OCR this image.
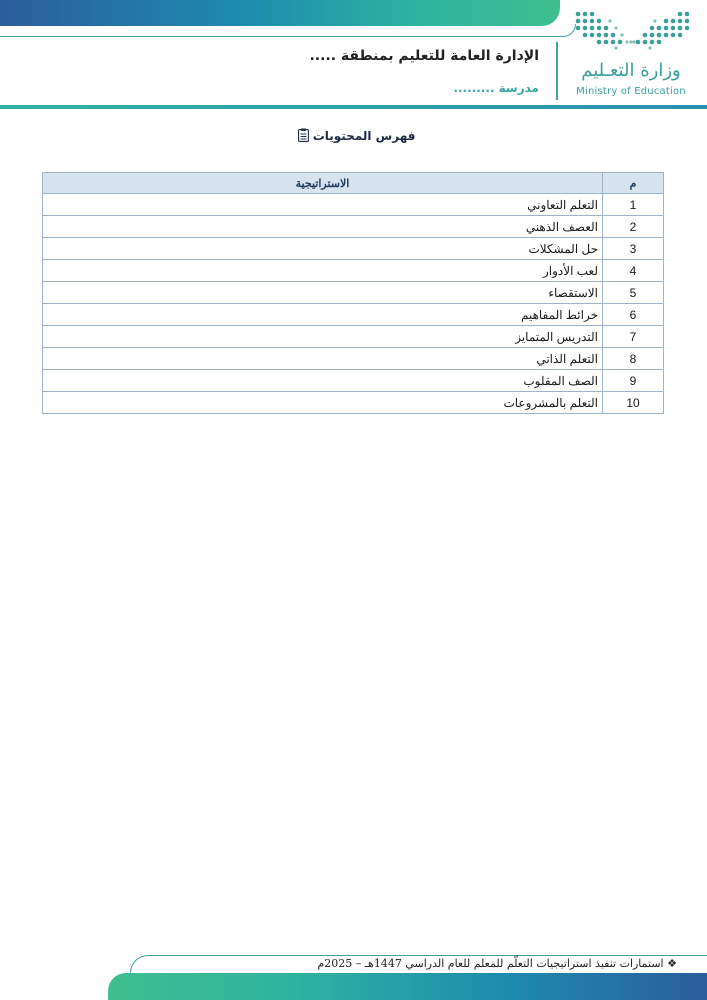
الإدارة العامة للتعليم بمنطقة .....
مدرسة .........
وزارة التعـليم
Ministry of Education
فهرس المحتويات
م	الاستراتيجية
1	التعلم التعاوني
2	العصف الذهني
3	حل المشكلات
4	لعب الأدوار
5	الاستقصاء
6	خرائط المفاهيم
7	التدريس المتمايز
8	التعلم الذاتي
9	الصف المقلوب
10	التعلم بالمشروعات
❖ استمارات تنفيذ استراتيجيات التعلّم للمعلم للعام الدراسي 1447هـ – 2025م
